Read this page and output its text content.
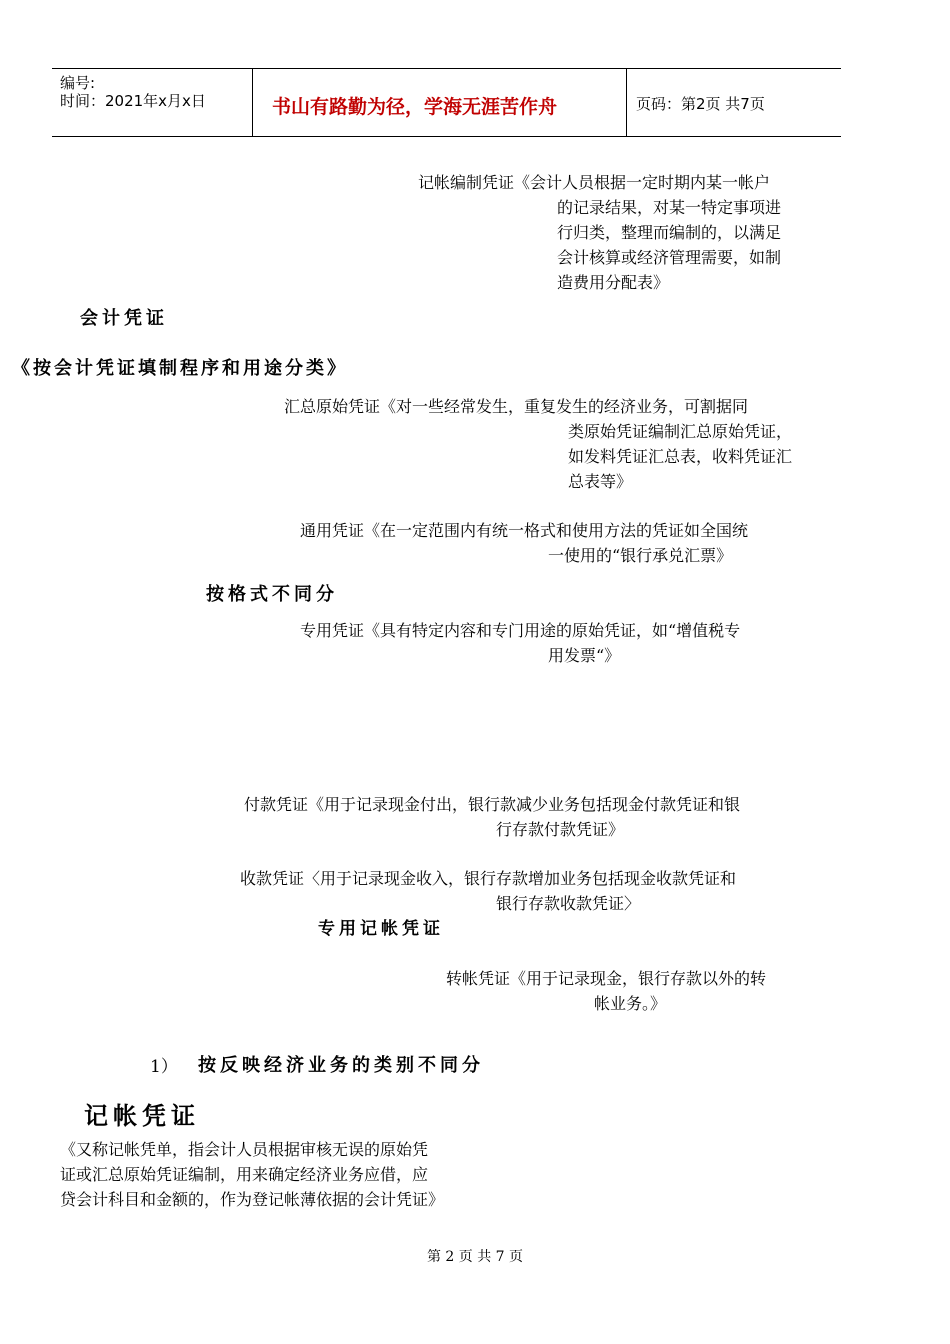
编号:
时间：2021年x月x日	书山有路勤为径，学海无涯苦作舟	页码：第2页 共7页
记帐编制凭证《会计人员根据一定时期内某一帐户
的记录结果，对某一特定事项进
行归类，整理而编制的，以满足
会计核算或经济管理需要，如制
造费用分配表》
会计凭证
《按会计凭证填制程序和用途分类》
汇总原始凭证《对一些经常发生，重复发生的经济业务，可割据同
类原始凭证编制汇总原始凭证，
如发料凭证汇总表，收料凭证汇
总表等》
通用凭证《在一定范围内有统一格式和使用方法的凭证如全国统
一使用的“银行承兑汇票》
按格式不同分
专用凭证《具有特定内容和专门用途的原始凭证，如“增值税专
用发票“》
付款凭证《用于记录现金付出，银行款减少业务包括现金付款凭证和银
行存款付款凭证》
收款凭证〈用于记录现金收入，银行存款增加业务包括现金收款凭证和
银行存款收款凭证〉
专用记帐凭证
转帐凭证《用于记录现金，银行存款以外的转
帐业务。》
1） 按反映经济业务的类别不同分
记帐凭证
《又称记帐凭单，指会计人员根据审核无误的原始凭
证或汇总原始凭证编制，用来确定经济业务应借，应
贷会计科目和金额的，作为登记帐薄依据的会计凭证》
第 2 页 共 7 页
